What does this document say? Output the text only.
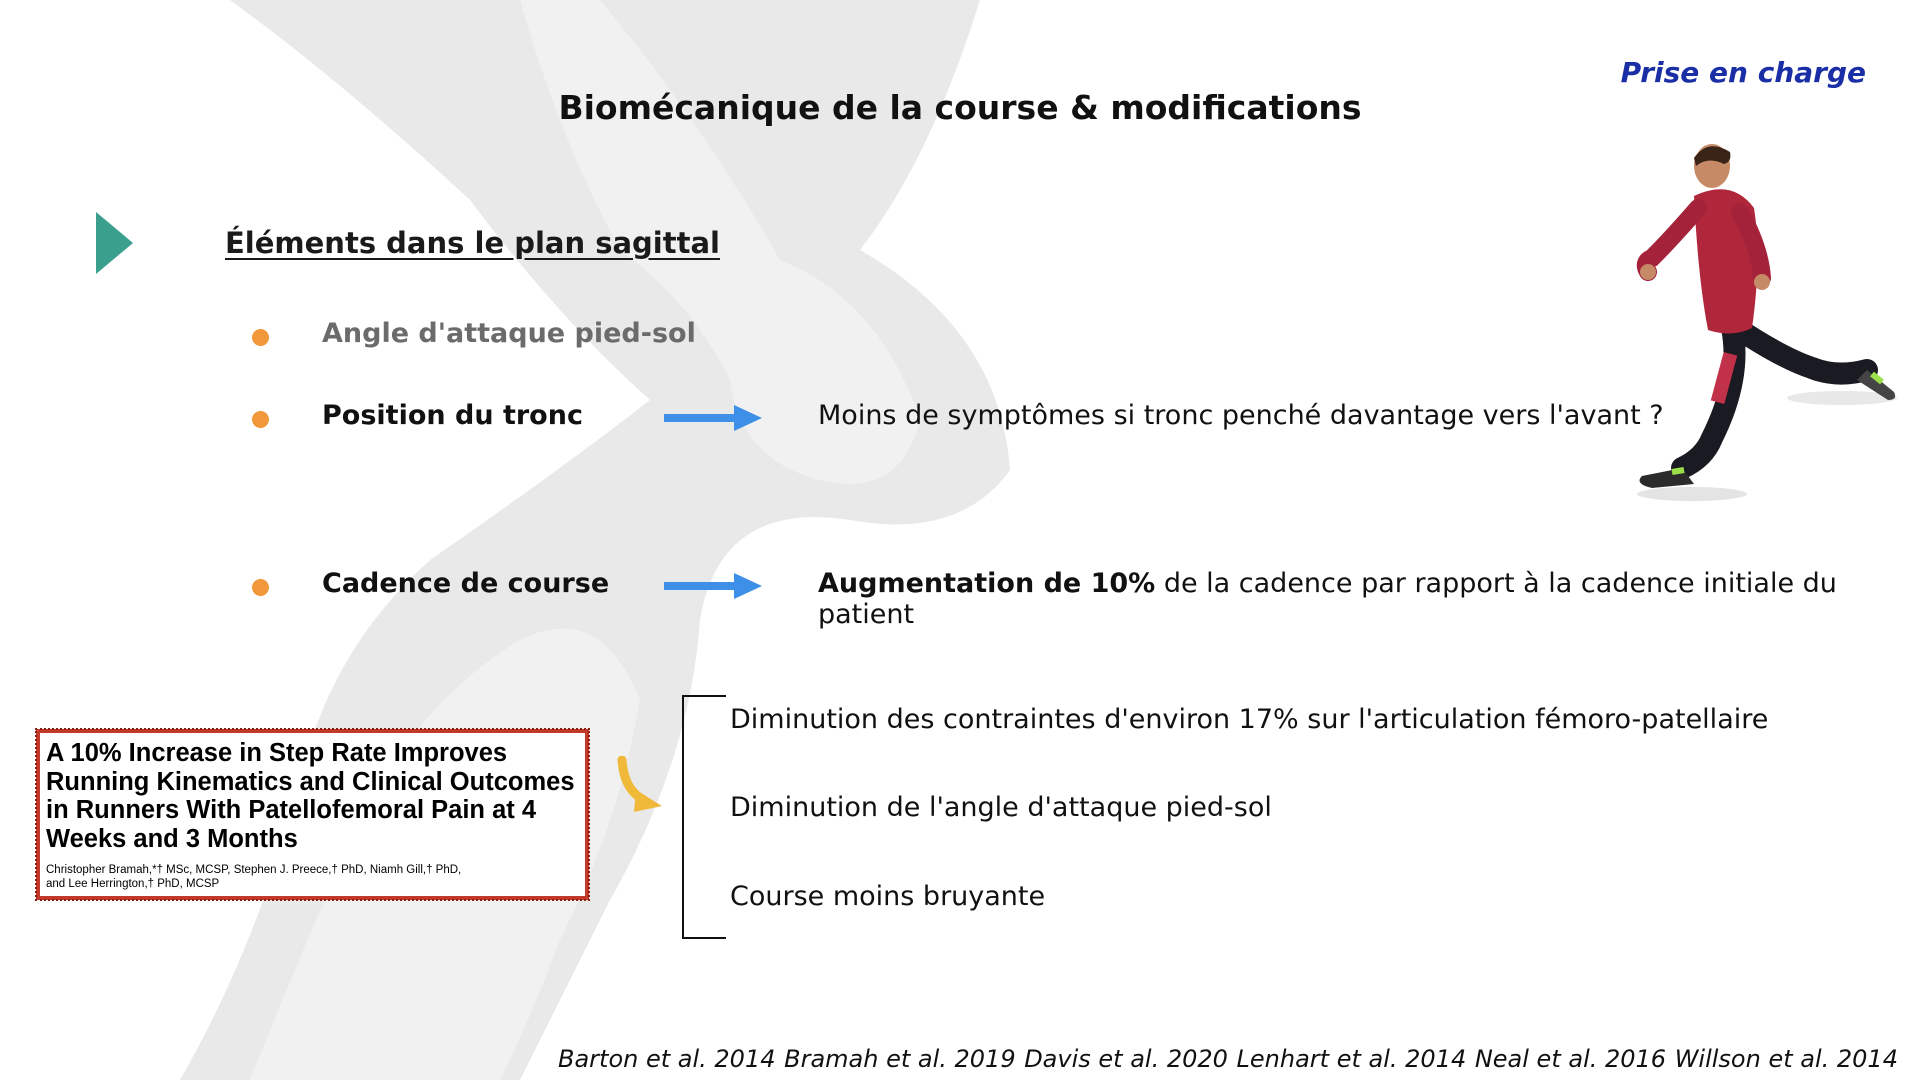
Biomécanique de la course & modifications
Prise en charge
Éléments dans le plan sagittal
Angle d'attaque pied-sol
Position du tronc	Moins de symptômes si tronc penché davantage vers l'avant ?
Cadence de course	Augmentation de 10% de la cadence par rapport à la cadence initiale du patient
A 10% Increase in Step Rate Improves Running Kinematics and Clinical Outcomes in Runners With Patellofemoral Pain at 4 Weeks and 3 Months
Christopher Bramah,*† MSc, MCSP, Stephen J. Preece,† PhD, Niamh Gill,† PhD,
and Lee Herrington,† PhD, MCSP
Diminution des contraintes d'environ 17% sur l'articulation fémoro-patellaire
Diminution de l'angle d'attaque pied-sol
Course moins bruyante
Barton et al. 2014 Bramah et al. 2019 Davis et al. 2020 Lenhart et al. 2014 Neal et al. 2016 Willson et al. 2014
